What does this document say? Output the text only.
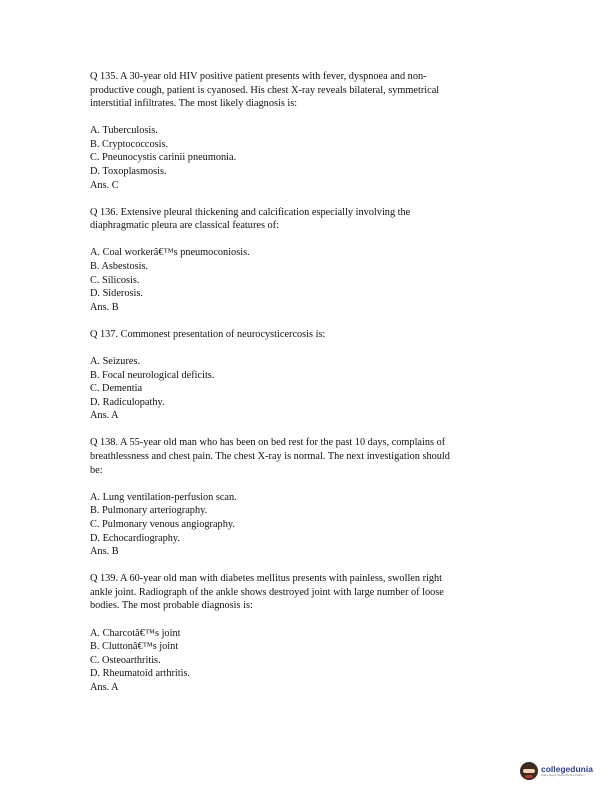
Q 135. A 30-year old HIV positive patient presents with fever, dyspnoea and non-
productive cough, patient is cyanosed. His chest X-ray reveals bilateral, symmetrical
interstitial infiltrates. The most likely diagnosis is:

A. Tuberculosis.
B. Cryptococcosis.
C. Pneunocystis carinii pneumonia.
D. Toxoplasmosis.
Ans. C

Q 136. Extensive pleural thickening and calcification especially involving the
diaphragmatic pleura are classical features of:

A. Coal workerâ€™s pneumoconiosis.
B. Asbestosis.
C. Silicosis.
D. Siderosis.
Ans. B

Q 137. Commonest presentation of neurocysticercosis is:

A. Seizures.
B. Focal neurological deficits.
C. Dementia
D. Radiculopathy.
Ans. A

Q 138. A 55-year old man who has been on bed rest for the past 10 days, complains of
breathlessness and chest pain. The chest X-ray is normal. The next investigation should
be:

A. Lung ventilation-perfusion scan.
B. Pulmonary arteriography.
C. Pulmonary venous angiography.
D. Echocardiography.
Ans. B

Q 139. A 60-year old man with diabetes mellitus presents with painless, swollen right
ankle joint. Radiograph of the ankle shows destroyed joint with large number of loose
bodies. The most probable diagnosis is:

A. Charcotâ€™s joint
B. Cluttonâ€™s joint
C. Osteoarthritis.
D. Rheumatoid arthritis.
Ans. A
collegedunia
India's largest Student Review Platform
